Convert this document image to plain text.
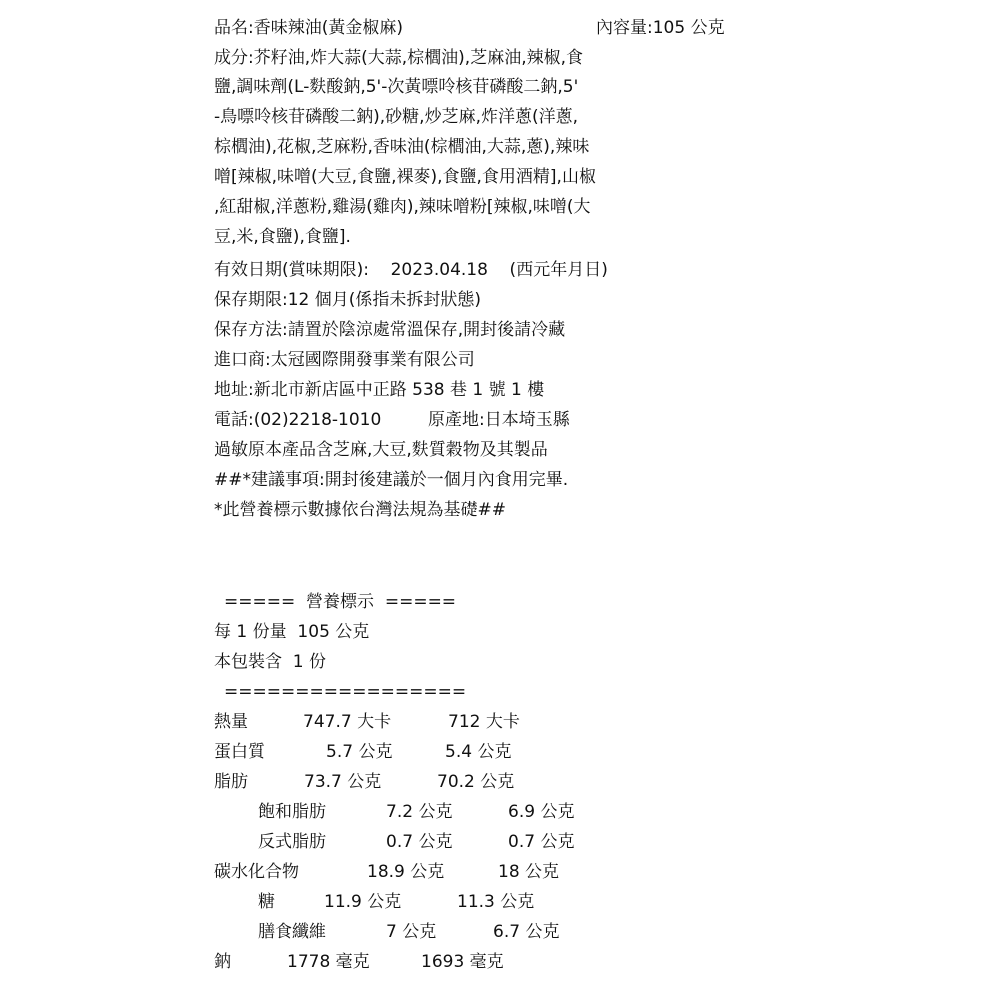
品名:香味辣油(黃金椒麻)	內容量:105 公克
成分:芥籽油,炸大蒜(大蒜,棕櫚油),芝麻油,辣椒,食
鹽,調味劑(L-麩酸鈉,5'-次黃嘌呤核苷磷酸二鈉,5'
-鳥嘌呤核苷磷酸二鈉),砂糖,炒芝麻,炸洋蔥(洋蔥,
棕櫚油),花椒,芝麻粉,香味油(棕櫚油,大蒜,蔥),辣味
噌[辣椒,味噌(大豆,食鹽,裸麥),食鹽,食用酒精],山椒
,紅甜椒,洋蔥粉,雞湯(雞肉),辣味噌粉[辣椒,味噌(大
豆,米,食鹽),食鹽].
有效日期(賞味期限):    2023.04.18    (西元年月日)
保存期限:12 個月(係指未拆封狀態)
保存方法:請置於陰涼處常溫保存,開封後請冷藏
進口商:太冠國際開發事業有限公司
地址:新北市新店區中正路 538 巷 1 號 1 樓
電話:(02)2218-1010	原產地:日本埼玉縣
過敏原本產品含芝麻,大豆,麩質穀物及其製品
##*建議事項:開封後建議於一個月內食用完畢.
*此營養標示數據依台灣法規為基礎##
=====  營養標示  =====
每 1 份量  105 公克
本包裝含  1 份
=================
熱量	747.7 大卡	712 大卡
蛋白質	5.7 公克	5.4 公克
脂肪	73.7 公克	70.2 公克
飽和脂肪	7.2 公克	6.9 公克
反式脂肪	0.7 公克	0.7 公克
碳水化合物	18.9 公克	18 公克
糖	11.9 公克	11.3 公克
膳食纖維	7 公克	6.7 公克
鈉	1778 毫克	1693 毫克
